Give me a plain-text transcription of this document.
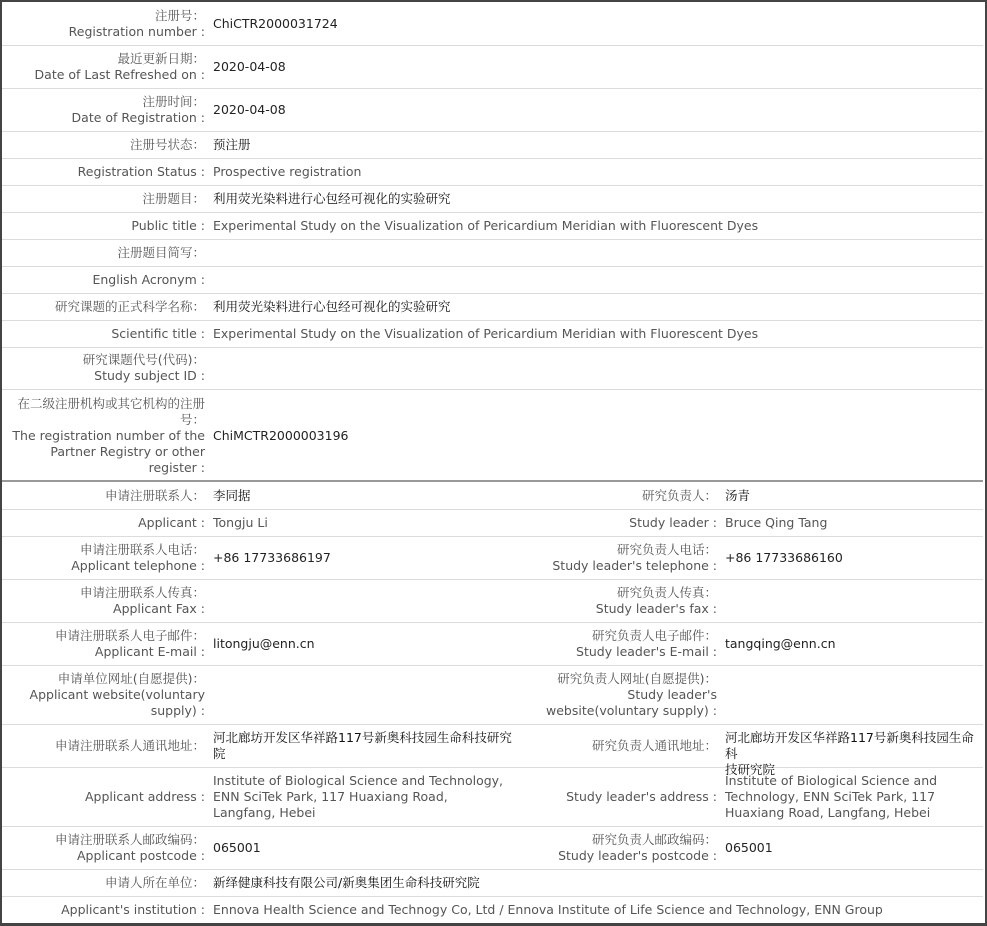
注册号：
Registration number :
ChiCTR2000031724
最近更新日期：
Date of Last Refreshed on :
2020-04-08
注册时间：
Date of Registration :
2020-04-08
注册号状态： 预注册
Registration Status : Prospective registration
注册题目： 利用荧光染料进行心包经可视化的实验研究
Public title : Experimental Study on the Visualization of Pericardium Meridian with Fluorescent Dyes
注册题目简写：
English Acronym :
研究课题的正式科学名称： 利用荧光染料进行心包经可视化的实验研究
Scientific title : Experimental Study on the Visualization of Pericardium Meridian with Fluorescent Dyes
研究课题代号(代码)：
Study subject ID :
在二级注册机构或其它机构的注册
号：
The registration number of the
Partner Registry or other
register :
ChiMCTR2000003196
申请注册联系人： 李同据	研究负责人： 汤青
Applicant : Tongju Li	Study leader : Bruce Qing Tang
申请注册联系人电话：
Applicant telephone :
+86 17733686197
研究负责人电话：
Study leader's telephone :
+86 17733686160
申请注册联系人传真：
Applicant Fax :
研究负责人传真：
Study leader's fax :
申请注册联系人电子邮件：
Applicant E-mail :
litongju@enn.cn
研究负责人电子邮件：
Study leader's E-mail :
tangqing@enn.cn
申请单位网址(自愿提供)：
Applicant website(voluntary
supply) :
研究负责人网址(自愿提供)：
Study leader's
website(voluntary supply) :
申请注册联系人通讯地址：
河北廊坊开发区华祥路117号新奥科技园生命科技研究
院
研究负责人通讯地址：
河北廊坊开发区华祥路117号新奥科技园生命科
技研究院
Applicant address :
Institute of Biological Science and Technology,
ENN SciTek Park, 117 Huaxiang Road,
Langfang, Hebei
Study leader's address :
Institute of Biological Science and
Technology, ENN SciTek Park, 117
Huaxiang Road, Langfang, Hebei
申请注册联系人邮政编码：
Applicant postcode :
065001
研究负责人邮政编码：
Study leader's postcode :
065001
申请人所在单位： 新绎健康科技有限公司/新奥集团生命科技研究院
Applicant's institution : Ennova Health Science and Technogy Co, Ltd / Ennova Institute of Life Science and Technology, ENN Group
